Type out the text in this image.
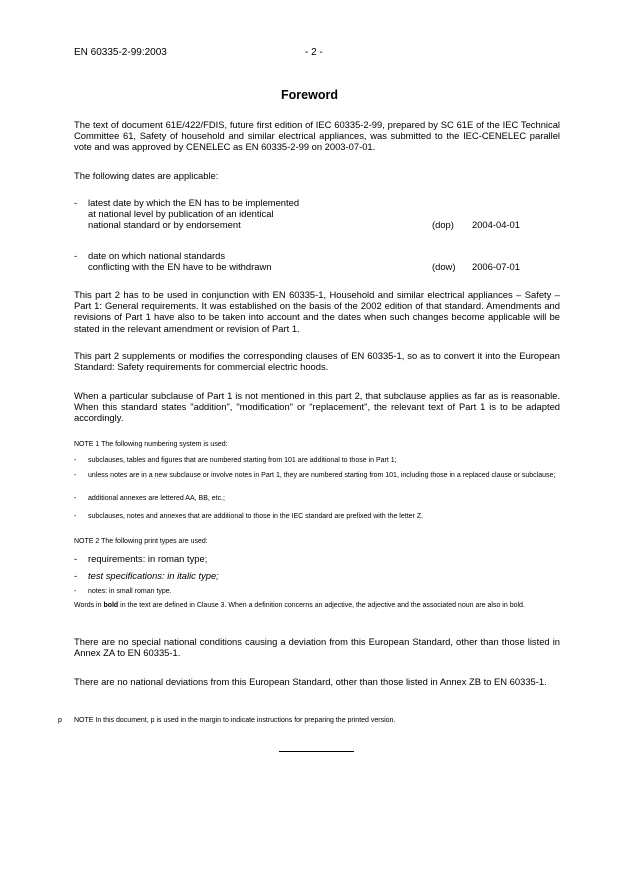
EN 60335-2-99:2003	- 2 -
Foreword

The text of document 61E/422/FDIS, future first edition of IEC 60335-2-99, prepared by SC 61E of the IEC Technical Committee 61, Safety of household and similar electrical appliances, was submitted to the IEC-CENELEC parallel vote and was approved by CENELEC as EN 60335-2-99 on 2003-07-01.

The following dates are applicable:

- latest date by which the EN has to be implemented
at national level by publication of an identical
national standard or by endorsement	(dop) 2004-04-01
- date on which national standards
conflicting with the EN have to be withdrawn	(dow) 2006-07-01

This part 2 has to be used in conjunction with EN 60335-1, Household and similar electrical appliances – Safety – Part 1: General requirements. It was established on the basis of the 2002 edition of that standard. Amendments and revisions of Part 1 have also to be taken into account and the dates when such changes become applicable will be stated in the relevant amendment or revision of Part 1.

This part 2 supplements or modifies the corresponding clauses of EN 60335-1, so as to convert it into the European Standard: Safety requirements for commercial electric hoods.

When a particular subclause of Part 1 is not mentioned in this part 2, that subclause applies as far as is reasonable. When this standard states "addition", "modification" or "replacement", the relevant text of Part 1 is to be adapted accordingly.

NOTE 1 The following numbering system is used:
- subclauses, tables and figures that are numbered starting from 101 are additional to those in Part 1;

- unless notes are in a new subclause or involve notes in Part 1, they are numbered starting from 101, including those in a replaced clause or subclause;

- additional annexes are lettered AA, BB, etc.;

- subclauses, notes and annexes that are additional to those in the IEC standard are prefixed with the letter Z.

NOTE 2 The following print types are used:
- requirements: in roman type;
- test specifications: in italic type;
- notes: in small roman type.

Words in bold in the text are defined in Clause 3. When a definition concerns an adjective, the adjective and the associated noun are also in bold.

There are no special national conditions causing a deviation from this European Standard, other than those listed in Annex ZA to EN 60335-1.

There are no national deviations from this European Standard, other than those listed in Annex ZB to EN 60335-1.

p NOTE In this document, p is used in the margin to indicate instructions for preparing the printed version.
